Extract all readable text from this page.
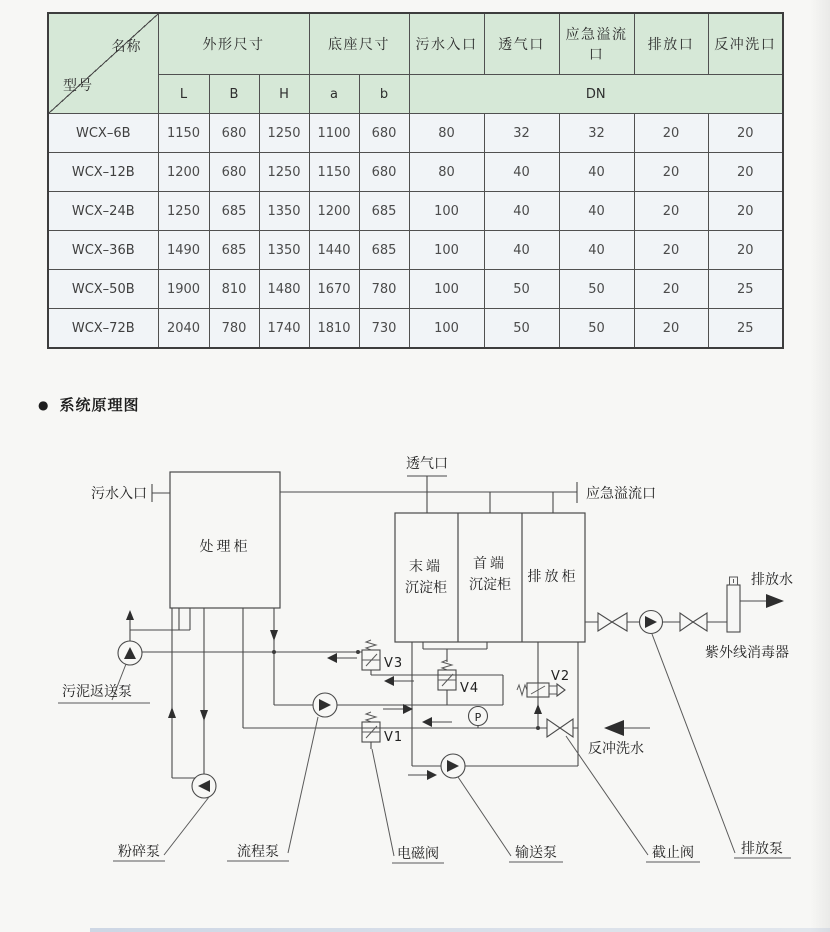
名称
型号	外形尺寸			底座尺寸		污水入口	透气口	应急溢流口	排放口	反冲洗口
	L	B	H	a	b	DN				
WCX–6B	1150	680	1250	1100	680	80	32	32	20	20
WCX–12B	1200	680	1250	1150	680	80	40	40	20	20
WCX–24B	1250	685	1350	1200	685	100	40	40	20	20
WCX–36B	1490	685	1350	1440	685	100	40	40	20	20
WCX–50B	1900	810	1480	1670	780	100	50	50	20	25
WCX–72B	2040	780	1740	1810	730	100	50	50	20	25
● 系统原理图
处理柜
末端
沉淀柜
首端
沉淀柜 排放柜
V3
V4
V1
V2
P
污水入口
透气口
应急溢流口
排放水
紫外线消毒器
污泥返送泵
反冲洗水
粉碎泵	流程泵	电磁阀	输送泵	截止阀	排放泵
